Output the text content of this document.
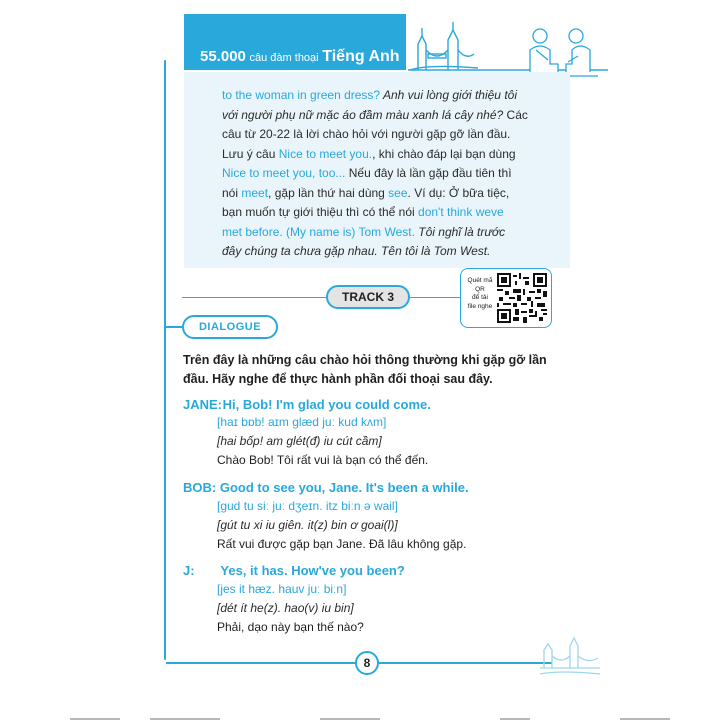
55.000 câu đàm thoại Tiếng Anh
to the woman in green dress? Anh vui lòng giới thiệu tôi
với người phụ nữ mặc áo đầm màu xanh lá cây nhé? Các
câu từ 20-22 là lời chào hỏi với người gặp gỡ lần đầu.
Lưu ý câu Nice to meet you., khi chào đáp lại bạn dùng
Nice to meet you, too... Nếu đây là lần gặp đầu tiên thì
nói meet, gặp lần thứ hai dùng see. Ví dụ: Ở bữa tiệc,
bạn muốn tự giới thiệu thì có thể nói don't think weve
met before. (My name is) Tom West. Tôi nghĩ là trước
đây chúng ta chưa gặp nhau. Tên tôi là Tom West.
TRACK 3
Quét mã
QR
để tải
file nghe
DIALOGUE
Trên đây là những câu chào hỏi thông thường khi gặp gỡ lần
đầu. Hãy nghe để thực hành phần đối thoại sau đây.
JANE: Hi, Bob! I'm glad you could come.
[haɪ bɒb! aɪm glæd juː kud kʌm]
[hai bốp! am glét(đ) iu cút cầm]
Chào Bob! Tôi rất vui là bạn có thể đến.
BOB: Good to see you, Jane. It's been a while.
[gud tu siː juː dʒeɪn. itz biːn ə wail]
[gút tu xi iu giên. it(z) bin ơ goai(l)]
Rất vui được gặp bạn Jane. Đã lâu không gặp.
J: Yes, it has. How've you been?
[jes it hæz. hauv juː biːn]
[dét ít he(z). hao(v) iu bin]
Phải, dạo này bạn thế nào?
8
